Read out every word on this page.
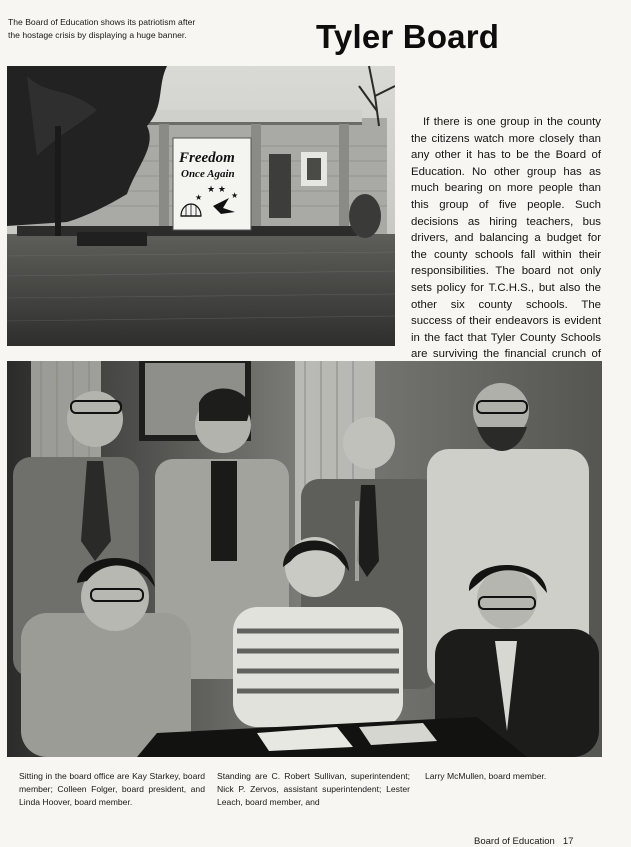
The Board of Education shows its patriotism after the hostage crisis by displaying a huge banner.	Tyler Board
Freedom
Once Again
★ ★
★	★
If there is one group in the county the citizens watch more closely than any other it has to be the Board of Education. No other group has as much bearing on more people than this group of five people. Such decisions as hiring teachers, bus drivers, and balancing a budget for the county schools fall within their responsibilities. The board not only sets policy for T.C.H.S., but also the other six county schools. The success of their endeavors is evident in the fact that Tyler County Schools are surviving the financial crunch of
Sitting in the board office are Kay Starkey, board member; Colleen Folger, board president, and Linda Hoover, board member.
Standing are C. Robert Sullivan, superintendent; Nick P. Zervos, assistant superintendent; Lester Leach, board member, and
Larry McMullen, board member.
Board of Education 17
